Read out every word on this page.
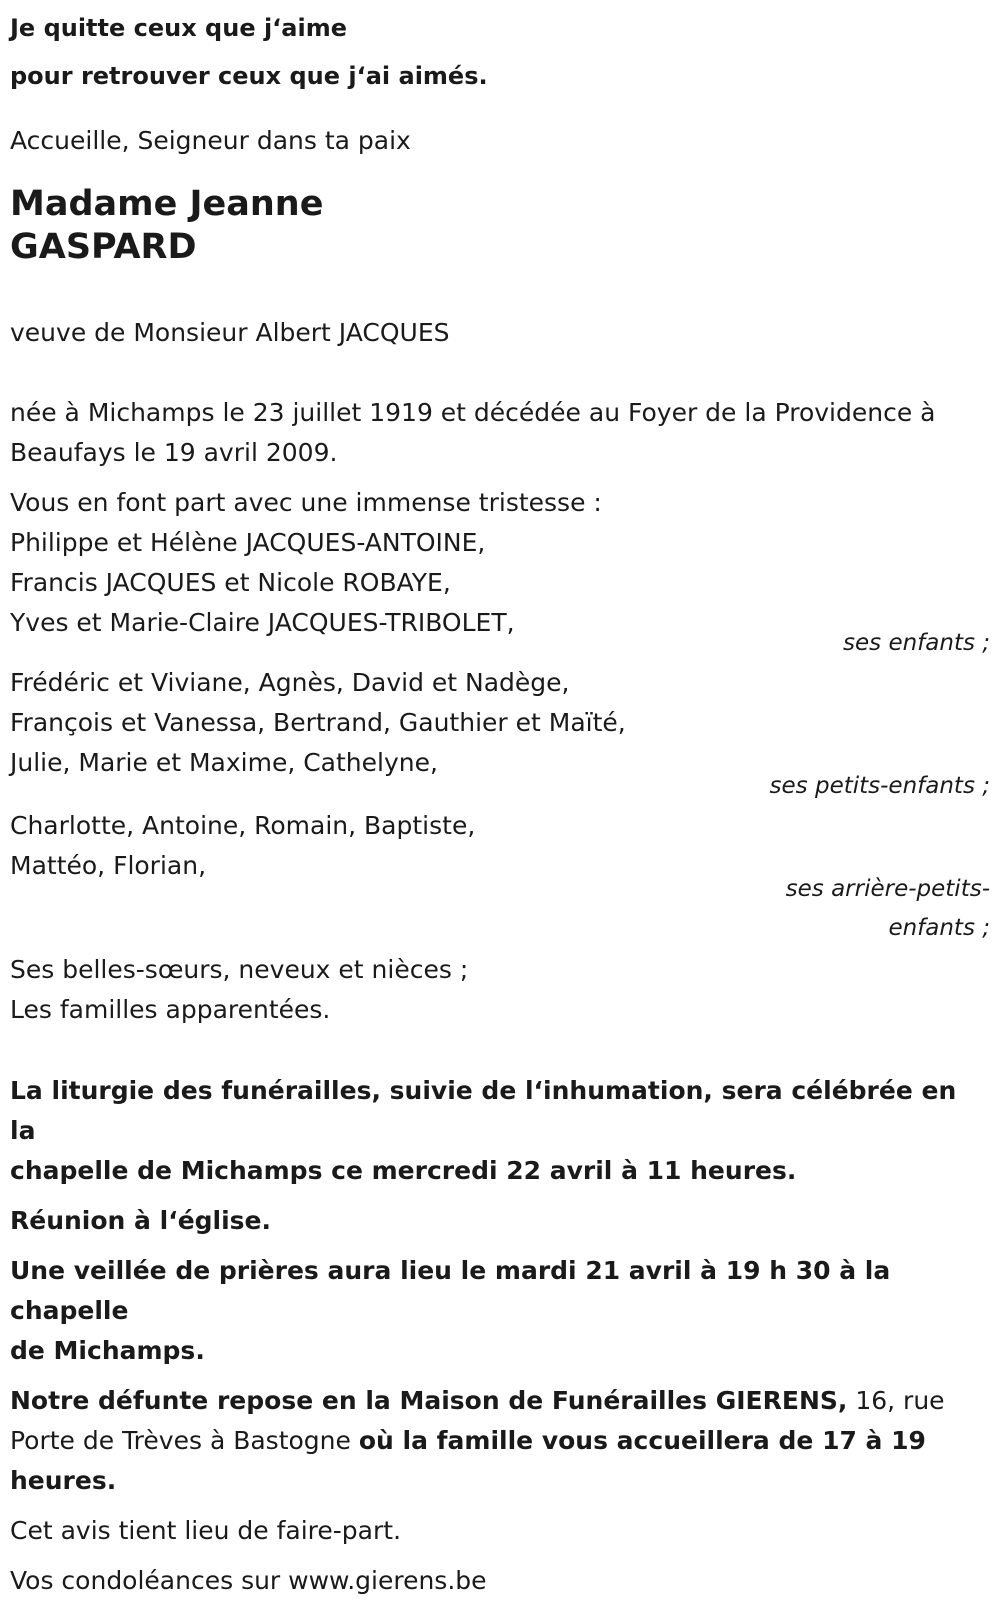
Je quitte ceux que j‘aime

pour retrouver ceux que j‘ai aimés.

Accueille, Seigneur dans ta paix

Madame Jeanne
GASPARD

veuve de Monsieur Albert JACQUES

née à Michamps le 23 juillet 1919 et décédée au Foyer de la Providence à

Beaufays le 19 avril 2009.

Vous en font part avec une immense tristesse :

Philippe et Hélène JACQUES-ANTOINE,

Francis JACQUES et Nicole ROBAYE,

Yves et Marie-Claire JACQUES-TRIBOLET,

ses enfants ;

Frédéric et Viviane, Agnès, David et Nadège,

François et Vanessa, Bertrand, Gauthier et Maïté,

Julie, Marie et Maxime, Cathelyne,

ses petits-enfants ;

Charlotte, Antoine, Romain, Baptiste,

Mattéo, Florian,

ses arrière-petits-

enfants ;

Ses belles-sœurs, neveux et nièces ;

Les familles apparentées.

La liturgie des funérailles, suivie de l‘inhumation, sera célébrée en la

chapelle de Michamps ce mercredi 22 avril à 11 heures.

Réunion à l‘église.

Une veillée de prières aura lieu le mardi 21 avril à 19 h 30 à la chapelle

de Michamps.

Notre défunte repose en la Maison de Funérailles GIERENS, 16, rue

Porte de Trèves à Bastogne où la famille vous accueillera de 17 à 19

heures.

Cet avis tient lieu de faire-part.

Vos condoléances sur www.gierens.be
